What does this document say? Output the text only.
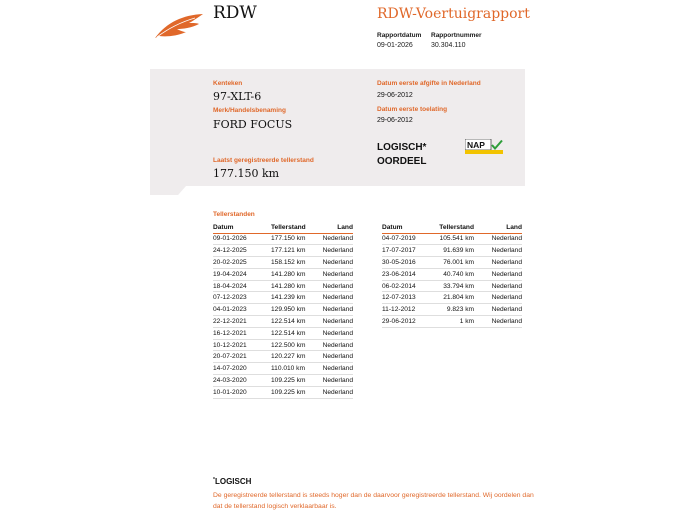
RDW	RDW-Voertuigrapport
Rapportdatum
09-01-2026
Rapportnummer
30.304.110
Kenteken
97-XLT-6
Merk/Handelsbenaming
FORD FOCUS
Laatst geregistreerde tellerstand
177.150 km
Datum eerste afgifte in Nederland
29-06-2012
Datum eerste toelating
29-06-2012
LOGISCH*
OORDEEL
NAP
Tellerstanden
Datum	Tellerstand	Land
09-01-2026	177.150 km	Nederland
24-12-2025	177.121 km	Nederland
20-02-2025	158.152 km	Nederland
19-04-2024	141.280 km	Nederland
18-04-2024	141.280 km	Nederland
07-12-2023	141.239 km	Nederland
04-01-2023	129.950 km	Nederland
22-12-2021	122.514 km	Nederland
16-12-2021	122.514 km	Nederland
10-12-2021	122.500 km	Nederland
20-07-2021	120.227 km	Nederland
14-07-2020	110.010 km	Nederland
24-03-2020	109.225 km	Nederland
10-01-2020	109.225 km	Nederland
Datum	Tellerstand	Land
04-07-2019	105.541 km	Nederland
17-07-2017	91.639 km	Nederland
30-05-2016	76.001 km	Nederland
23-06-2014	40.740 km	Nederland
06-02-2014	33.794 km	Nederland
12-07-2013	21.804 km	Nederland
11-12-2012	9.823 km	Nederland
29-06-2012	1 km	Nederland
*LOGISCH
De geregistreerde tellerstand is steeds hoger dan de daarvoor geregistreerde tellerstand. Wij oordelen dan dat de tellerstand logisch verklaarbaar is.
